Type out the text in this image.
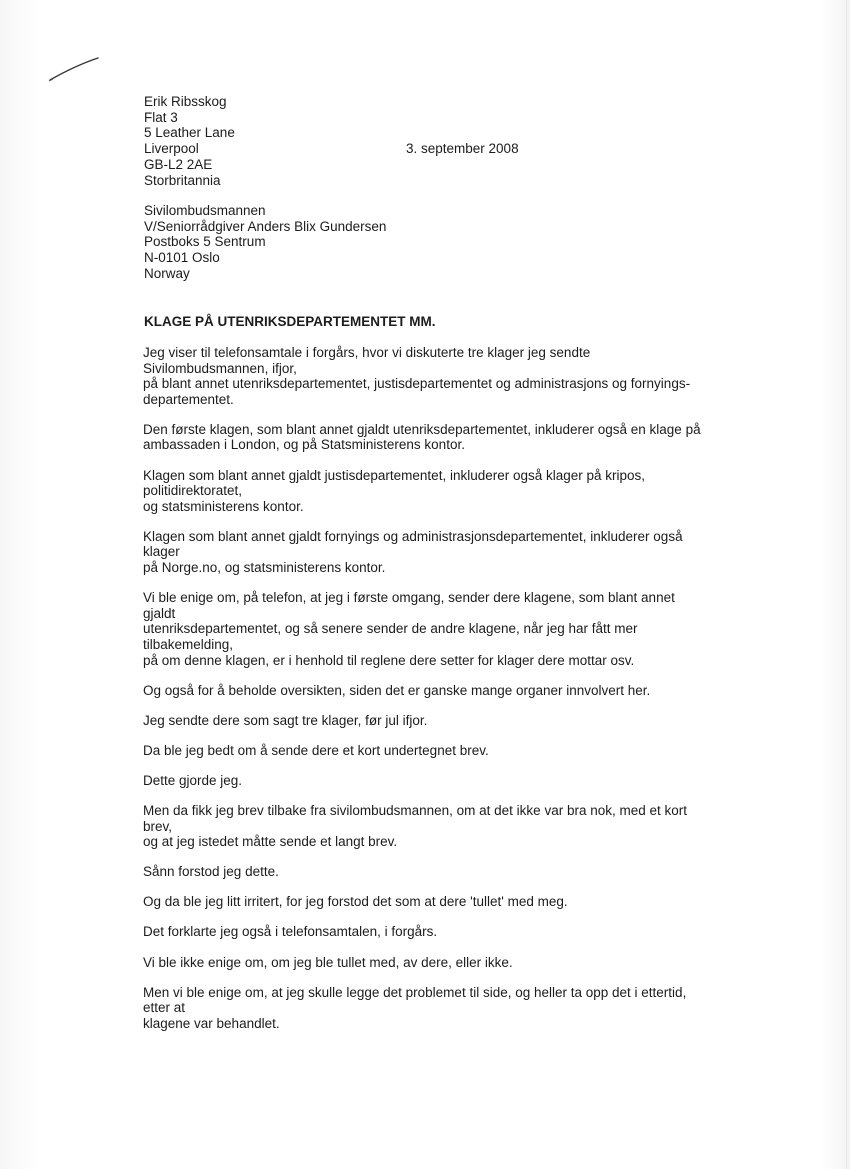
Erik Ribsskog
Flat 3
5 Leather Lane
Liverpool
GB-L2 2AE
Storbritannia
3. september 2008
Sivilombudsmannen
V/Seniorrådgiver Anders Blix Gundersen
Postboks 5 Sentrum
N-0101 Oslo
Norway
KLAGE PÅ UTENRIKSDEPARTEMENTET MM.
Jeg viser til telefonsamtale i forgårs, hvor vi diskuterte tre klager jeg sendte
Sivilombudsmannen, ifjor,
på blant annet utenriksdepartementet, justisdepartementet og administrasjons og fornyings-
departementet.
Den første klagen, som blant annet gjaldt utenriksdepartementet, inkluderer også en klage på
ambassaden i London, og på Statsministerens kontor.
Klagen som blant annet gjaldt justisdepartementet, inkluderer også klager på kripos,
politidirektoratet,
og statsministerens kontor.
Klagen som blant annet gjaldt fornyings og administrasjonsdepartementet, inkluderer også
klager
på Norge.no, og statsministerens kontor.
Vi ble enige om, på telefon, at jeg i første omgang, sender dere klagene, som blant annet
gjaldt
utenriksdepartementet, og så senere sender de andre klagene, når jeg har fått mer
tilbakemelding,
på om denne klagen, er i henhold til reglene dere setter for klager dere mottar osv.
Og også for å beholde oversikten, siden det er ganske mange organer innvolvert her.
Jeg sendte dere som sagt tre klager, før jul ifjor.
Da ble jeg bedt om å sende dere et kort undertegnet brev.
Dette gjorde jeg.
Men da fikk jeg brev tilbake fra sivilombudsmannen, om at det ikke var bra nok, med et kort
brev,
og at jeg istedet måtte sende et langt brev.
Sånn forstod jeg dette.
Og da ble jeg litt irritert, for jeg forstod det som at dere 'tullet' med meg.
Det forklarte jeg også i telefonsamtalen, i forgårs.
Vi ble ikke enige om, om jeg ble tullet med, av dere, eller ikke.
Men vi ble enige om, at jeg skulle legge det problemet til side, og heller ta opp det i ettertid,
etter at
klagene var behandlet.
